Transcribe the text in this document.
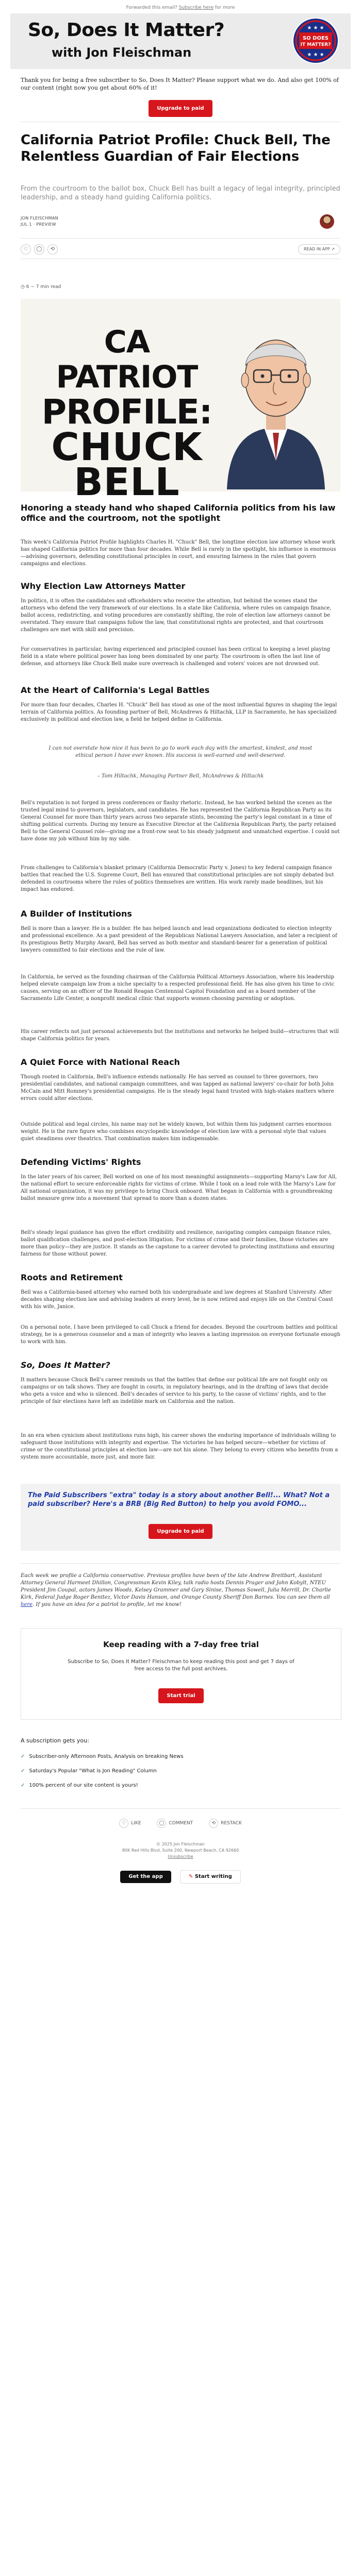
Forwarded this email? Subscribe here for more
So, Does It Matter?
with Jon Fleischman
SO DOES
IT MATTER?
★ ★ ★
★ ★ ★

Thank you for being a free subscriber to So, Does It Matter? Please support what we do. And also get 100% of our content (right now you get about 60% of it!

Upgrade to paid
California Patriot Profile: Chuck Bell, The Relentless Guardian of Fair Elections
From the courtroom to the ballot box, Chuck Bell has built a legacy of legal integrity, principled leadership, and a steady hand guiding California politics.
JON FLEISCHMAN
JUL 1 · PREVIEW
♡	◯	⟲	READ IN APP ↗
◷ 6 ~ 7 min read
CA PATRIOT
PROFILE:
CHUCK BELL
Honoring a steady hand who shaped California politics from his law office and the courtroom, not the spotlight

This week's California Patriot Profile highlights Charles H. "Chuck" Bell, the longtime election law attorney whose work has shaped California politics for more than four decades. While Bell is rarely in the spotlight, his influence is enormous—advising governors, defending constitutional principles in court, and ensuring fairness in the rules that govern campaigns and elections.

Why Election Law Attorneys Matter

In politics, it is often the candidates and officeholders who receive the attention, but behind the scenes stand the attorneys who defend the very framework of our elections. In a state like California, where rules on campaign finance, ballot access, redistricting, and voting procedures are constantly shifting, the role of election law attorneys cannot be overstated. They ensure that campaigns follow the law, that constitutional rights are protected, and that courtroom challenges are met with skill and precision.

For conservatives in particular, having experienced and principled counsel has been critical to keeping a level playing field in a state where political power has long been dominated by one party. The courtroom is often the last line of defense, and attorneys like Chuck Bell make sure overreach is challenged and voters' voices are not drowned out.

At the Heart of California's Legal Battles

For more than four decades, Charles H. "Chuck" Bell has stood as one of the most influential figures in shaping the legal terrain of California politics. As founding partner of Bell, McAndrews & Hiltachk, LLP in Sacramento, he has specialized exclusively in political and election law, a field he helped define in California.

I can not overstate how nice it has been to go to work each day with the smartest, kindest, and most ethical person I have ever known. His success is well-earned and well-deserved.

– Tom Hiltachk, Managing Partner Bell, McAndrews & Hiltachk

Bell's reputation is not forged in press conferences or flashy rhetoric. Instead, he has worked behind the scenes as the trusted legal mind to governors, legislators, and candidates. He has represented the California Republican Party as its General Counsel for more than thirty years across two separate stints, becoming the party's legal constant in a time of shifting political currents. During my tenure as Executive Director at the California Republican Party, the party retained Bell to the General Counsel role—giving me a front-row seat to his steady judgment and unmatched expertise. I could not have done my job without him by my side.

From challenges to California's blanket primary (California Democratic Party v. Jones) to key federal campaign finance battles that reached the U.S. Supreme Court, Bell has ensured that constitutional principles are not simply debated but defended in courtrooms where the rules of politics themselves are written. His work rarely made headlines, but his impact has endured.

A Builder of Institutions

Bell is more than a lawyer. He is a builder. He has helped launch and lead organizations dedicated to election integrity and professional excellence. As a past president of the Republican National Lawyers Association, and later a recipient of its prestigious Betty Murphy Award, Bell has served as both mentor and standard-bearer for a generation of political lawyers committed to fair elections and the rule of law.

In California, he served as the founding chairman of the California Political Attorneys Association, where his leadership helped elevate campaign law from a niche specialty to a respected professional field. He has also given his time to civic causes, serving on an officer of the Ronald Reagan Centennial Capitol Foundation and as a board member of the Sacramento Life Center, a nonprofit medical clinic that supports women choosing parenting or adoption.

His career reflects not just personal achievements but the institutions and networks he helped build—structures that will shape California politics for years.

A Quiet Force with National Reach

Though rooted in California, Bell's influence extends nationally. He has served as counsel to three governors, two presidential candidates, and national campaign committees, and was tapped as national lawyers' co-chair for both John McCain and Mitt Romney's presidential campaigns. He is the steady legal hand trusted with high-stakes matters where errors could alter elections.

Outside political and legal circles, his name may not be widely known, but within them his judgment carries enormous weight. He is the rare figure who combines encyclopedic knowledge of election law with a personal style that values quiet steadiness over theatrics. That combination makes him indispensable.

Defending Victims' Rights

In the later years of his career, Bell worked on one of his most meaningful assignments—supporting Marsy's Law for All, the national effort to secure enforceable rights for victims of crime. While I took on a lead role with the Marsy's Law for All national organization, it was my privilege to bring Chuck onboard. What began in California with a groundbreaking ballot measure grew into a movement that spread to more than a dozen states.

Bell's steady legal guidance has given the effort credibility and resilience, navigating complex campaign finance rules, ballot qualification challenges, and post-election litigation. For victims of crime and their families, those victories are more than policy—they are justice. It stands as the capstone to a career devoted to protecting institutions and ensuring fairness for those without power.

Roots and Retirement

Bell was a California-based attorney who earned both his undergraduate and law degrees at Stanford University. After decades shaping election law and advising leaders at every level, he is now retired and enjoys life on the Central Coast with his wife, Janice.

On a personal note, I have been privileged to call Chuck a friend for decades. Beyond the courtroom battles and political strategy, he is a generous counselor and a man of integrity who leaves a lasting impression on everyone fortunate enough to work with him.

So, Does It Matter?

It matters because Chuck Bell's career reminds us that the battles that define our political life are not fought only on campaigns or on talk shows. They are fought in courts, in regulatory hearings, and in the drafting of laws that decide who gets a voice and who is silenced. Bell's decades of service to his party, to the cause of victims' rights, and to the principle of fair elections have left an indelible mark on California and the nation.

In an era when cynicism about institutions runs high, his career shows the enduring importance of individuals willing to safeguard those institutions with integrity and expertise. The victories he has helped secure—whether for victims of crime or the constitutional principles at election law—are not his alone. They belong to every citizen who benefits from a system more accountable, more just, and more fair.

The Paid Subscribers "extra" today is a story about another Bell!... What? Not a paid subscriber? Here's a BRB (Big Red Button) to help you avoid FOMO...
Upgrade to paid

Each week we profile a California conservative. Previous profiles have been of the late Andrew Breitbart, Assistant Attorney General Harmeet Dhillon, Congressman Kevin Kiley, talk radio hosts Dennis Prager and John Kobylt, NTEU President Jim Coupal, actors James Woods, Kelsey Grammer and Gary Sinise, Thomas Sowell, Julia Merrill, Dr. Charlie Kirk, Federal Judge Roger Benitez, Victor Davis Hanson, and Orange County Sheriff Don Barnes. You can see them all here. If you have an idea for a patriot to profile, let me know!

Keep reading with a 7-day free trial
Subscribe to So, Does It Matter? Fleischman to keep reading this post and get 7 days of free access to the full post archives.
Start trial
A subscription gets you:
✓ Subscriber-only Afternoon Posts, Analysis on breaking News
✓ Saturday's Popular "What is Jon Reading" Column
✓ 100% percent of our site content is yours!
♡ LIKE	◯ COMMENT	⟲ RESTACK
© 2025 Jon Fleischman
80K Red Hills Blvd, Suite 200, Newport Beach, CA 92660
Unsubscribe
Get the app	✎ Start writing
